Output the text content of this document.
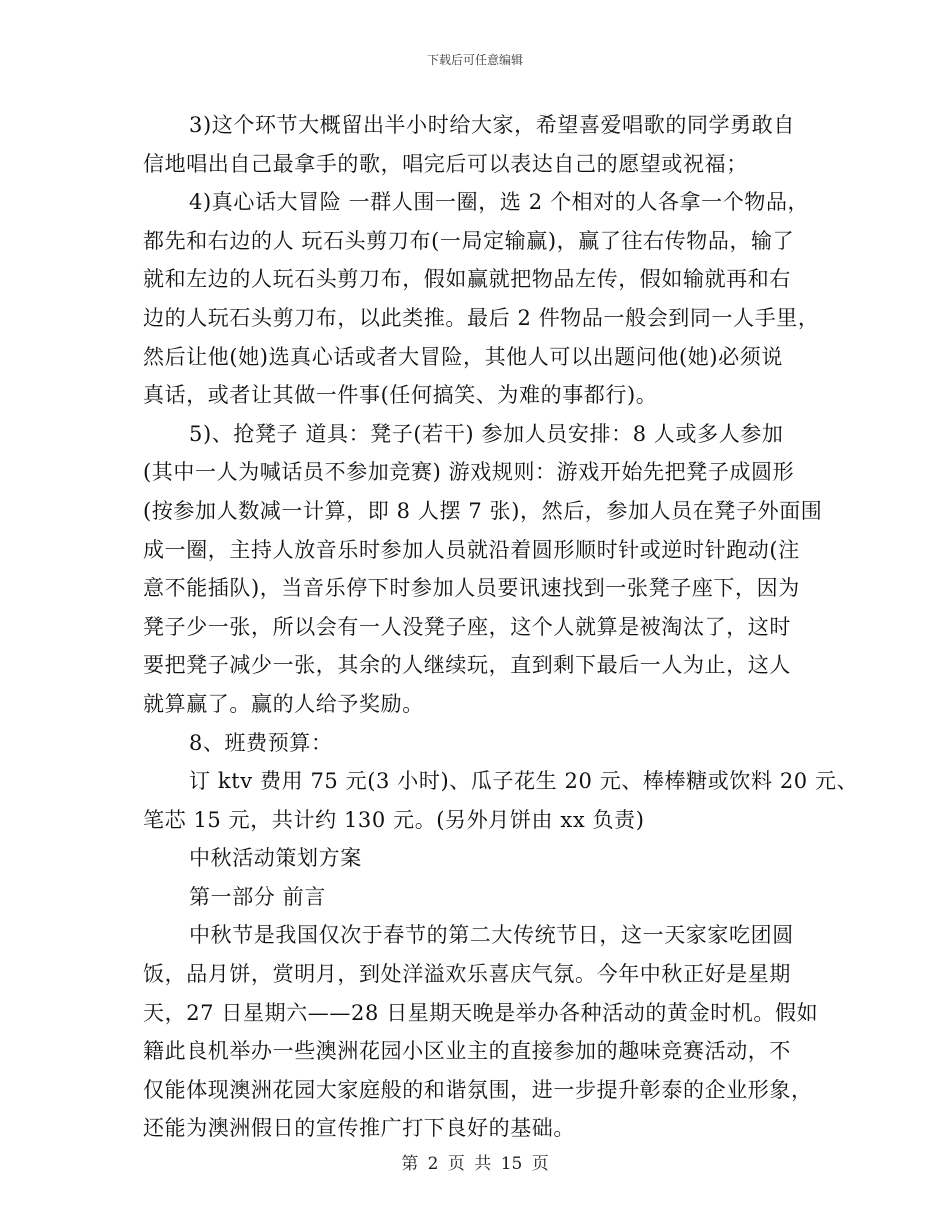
下载后可任意编辑
3)这个环节大概留出半小时给大家，希望喜爱唱歌的同学勇敢自
信地唱出自己最拿手的歌，唱完后可以表达自己的愿望或祝福；
4)真心话大冒险 一群人围一圈，选 2 个相对的人各拿一个物品，
都先和右边的人 玩石头剪刀布(一局定输赢)，赢了往右传物品，输了
就和左边的人玩石头剪刀布，假如赢就把物品左传，假如输就再和右
边的人玩石头剪刀布，以此类推。最后 2 件物品一般会到同一人手里，
然后让他(她)选真心话或者大冒险，其他人可以出题问他(她)必须说
真话，或者让其做一件事(任何搞笑、为难的事都行)。
5)、抢凳子 道具：凳子(若干) 参加人员安排：8 人或多人参加
(其中一人为喊话员不参加竞赛) 游戏规则：游戏开始先把凳子成圆形
(按参加人数减一计算，即 8 人摆 7 张)，然后，参加人员在凳子外面围
成一圈，主持人放音乐时参加人员就沿着圆形顺时针或逆时针跑动(注
意不能插队)，当音乐停下时参加人员要讯速找到一张凳子座下，因为
凳子少一张，所以会有一人没凳子座，这个人就算是被淘汰了，这时
要把凳子减少一张，其余的人继续玩，直到剩下最后一人为止，这人
就算赢了。赢的人给予奖励。
8、班费预算：
订 ktv 费用 75 元(3 小时)、瓜子花生 20 元、棒棒糖或饮料 20 元、
笔芯 15 元，共计约 130 元。(另外月饼由 xx 负责)
中秋活动策划方案
第一部分 前言
中秋节是我国仅次于春节的第二大传统节日，这一天家家吃团圆
饭，品月饼，赏明月，到处洋溢欢乐喜庆气氛。今年中秋正好是星期
天，27 日星期六——28 日星期天晚是举办各种活动的黄金时机。假如
籍此良机举办一些澳洲花园小区业主的直接参加的趣味竞赛活动，不
仅能体现澳洲花园大家庭般的和谐氛围，进一步提升彰泰的企业形象，
还能为澳洲假日的宣传推广打下良好的基础。
第 2 页 共 15 页
